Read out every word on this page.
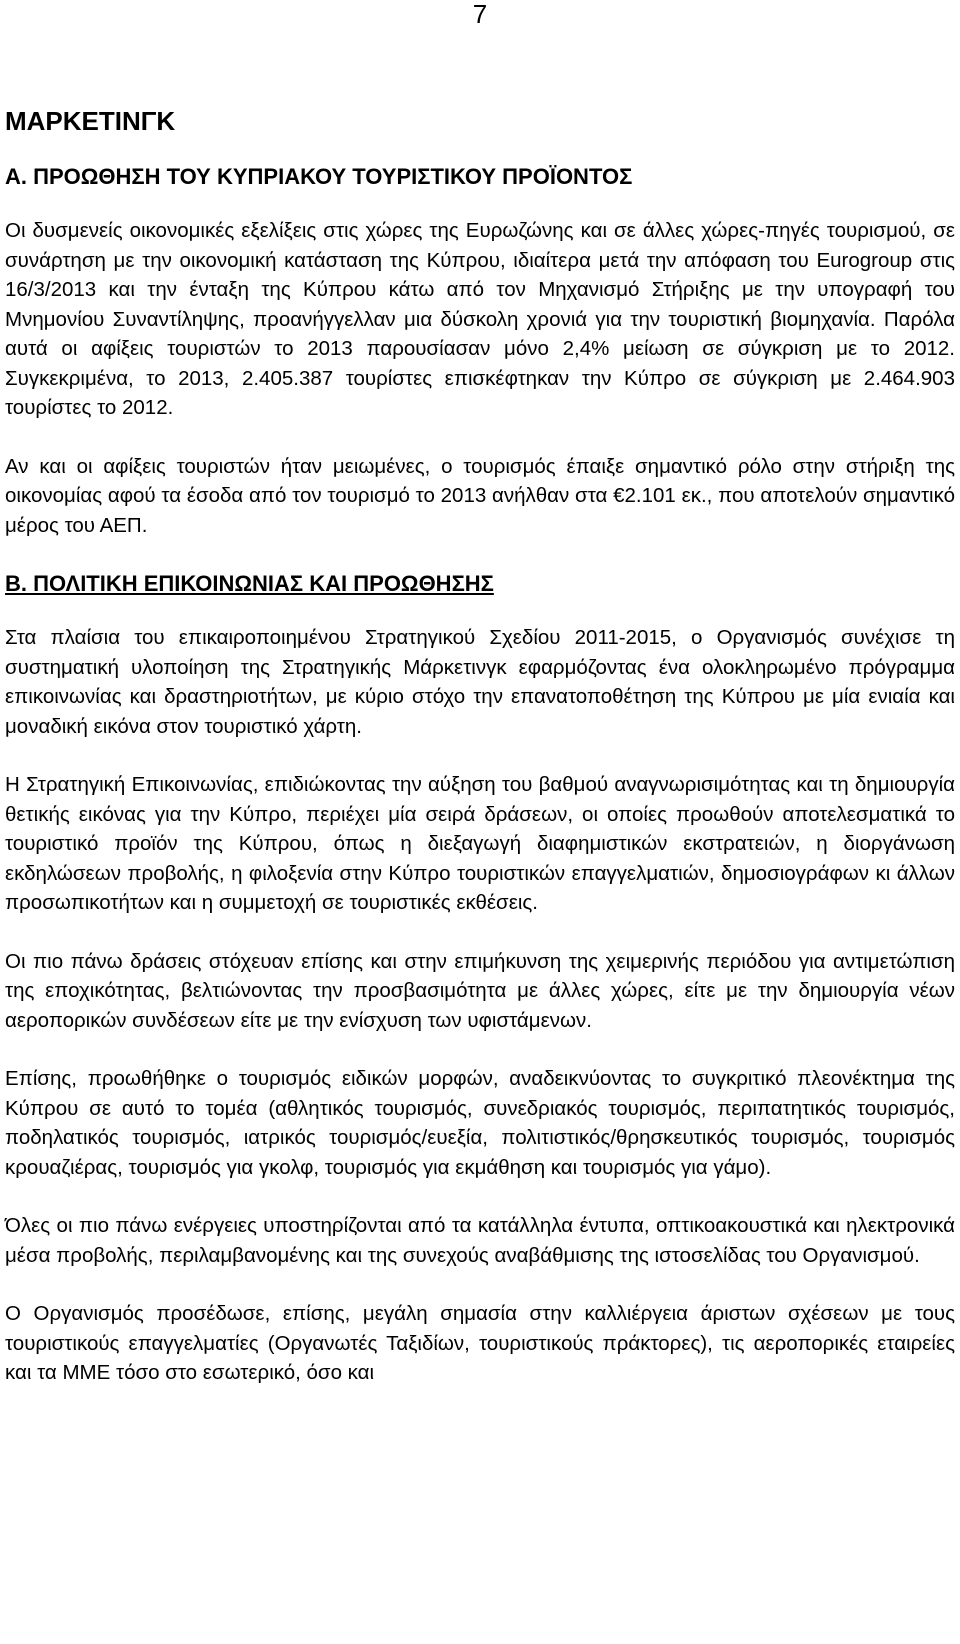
7
ΜΑΡΚΕΤΙΝΓΚ
Α. ΠΡΟΩΘΗΣΗ ΤΟΥ ΚΥΠΡΙΑΚΟΥ ΤΟΥΡΙΣΤΙΚΟΥ ΠΡΟΪΟΝΤΟΣ
Οι δυσμενείς οικονομικές εξελίξεις στις χώρες της Ευρωζώνης και σε άλλες χώρες-πηγές τουρισμού, σε συνάρτηση με την οικονομική κατάσταση της Κύπρου, ιδιαίτερα μετά την απόφαση του Eurogroup στις 16/3/2013 και την ένταξη της Κύπρου κάτω από τον Μηχανισμό Στήριξης με την υπογραφή του Μνημονίου Συναντίληψης, προανήγγελλαν μια δύσκολη χρονιά για την τουριστική βιομηχανία. Παρόλα αυτά οι αφίξεις τουριστών το 2013 παρουσίασαν μόνο 2,4% μείωση σε σύγκριση με το 2012. Συγκεκριμένα, το 2013, 2.405.387 τουρίστες επισκέφτηκαν την Κύπρο σε σύγκριση με 2.464.903 τουρίστες το 2012.
Αν και οι αφίξεις τουριστών ήταν μειωμένες, ο τουρισμός έπαιξε σημαντικό ρόλο στην στήριξη της οικονομίας αφού τα έσοδα από τον τουρισμό το 2013 ανήλθαν στα €2.101 εκ., που αποτελούν σημαντικό μέρος του ΑΕΠ.
Β. ΠΟΛΙΤΙΚΗ ΕΠΙΚΟΙΝΩΝΙΑΣ ΚΑΙ ΠΡΟΩΘΗΣΗΣ
Στα πλαίσια του επικαιροποιημένου Στρατηγικού Σχεδίου 2011-2015, ο Οργανισμός συνέχισε τη συστηματική υλοποίηση της Στρατηγικής Μάρκετινγκ εφαρμόζοντας ένα ολοκληρωμένο πρόγραμμα επικοινωνίας και δραστηριοτήτων, με κύριο στόχο την επανατοποθέτηση της Κύπρου με μία ενιαία και μοναδική εικόνα στον τουριστικό χάρτη.
Η Στρατηγική Επικοινωνίας, επιδιώκοντας την αύξηση του βαθμού αναγνωρισιμότητας και τη δημιουργία θετικής εικόνας για την Κύπρο, περιέχει μία σειρά δράσεων, οι οποίες προωθούν αποτελεσματικά το τουριστικό προϊόν της Κύπρου, όπως η διεξαγωγή διαφημιστικών εκστρατειών, η διοργάνωση εκδηλώσεων προβολής, η φιλοξενία στην Κύπρο τουριστικών επαγγελματιών, δημοσιογράφων κι άλλων προσωπικοτήτων και η συμμετοχή σε τουριστικές εκθέσεις.
Οι πιο πάνω δράσεις στόχευαν επίσης και στην επιμήκυνση της χειμερινής περιόδου για αντιμετώπιση της εποχικότητας, βελτιώνοντας την προσβασιμότητα με άλλες χώρες, είτε με την δημιουργία νέων αεροπορικών συνδέσεων είτε με την ενίσχυση των υφιστάμενων.
Επίσης, προωθήθηκε ο τουρισμός ειδικών μορφών, αναδεικνύοντας το συγκριτικό πλεονέκτημα της Κύπρου σε αυτό το τομέα (αθλητικός τουρισμός, συνεδριακός τουρισμός, περιπατητικός τουρισμός, ποδηλατικός τουρισμός, ιατρικός τουρισμός/ευεξία, πολιτιστικός/θρησκευτικός τουρισμός, τουρισμός κρουαζιέρας, τουρισμός για γκολφ, τουρισμός για εκμάθηση και τουρισμός για γάμο).
Όλες οι πιο πάνω ενέργειες υποστηρίζονται από τα κατάλληλα έντυπα, οπτικοακουστικά και ηλεκτρονικά μέσα προβολής, περιλαμβανομένης και της συνεχούς αναβάθμισης της ιστοσελίδας του Οργανισμού.
Ο Οργανισμός προσέδωσε, επίσης, μεγάλη σημασία στην καλλιέργεια άριστων σχέσεων με τους τουριστικούς επαγγελματίες (Οργανωτές Ταξιδίων, τουριστικούς πράκτορες), τις αεροπορικές εταιρείες και τα ΜΜΕ τόσο στο εσωτερικό, όσο και
